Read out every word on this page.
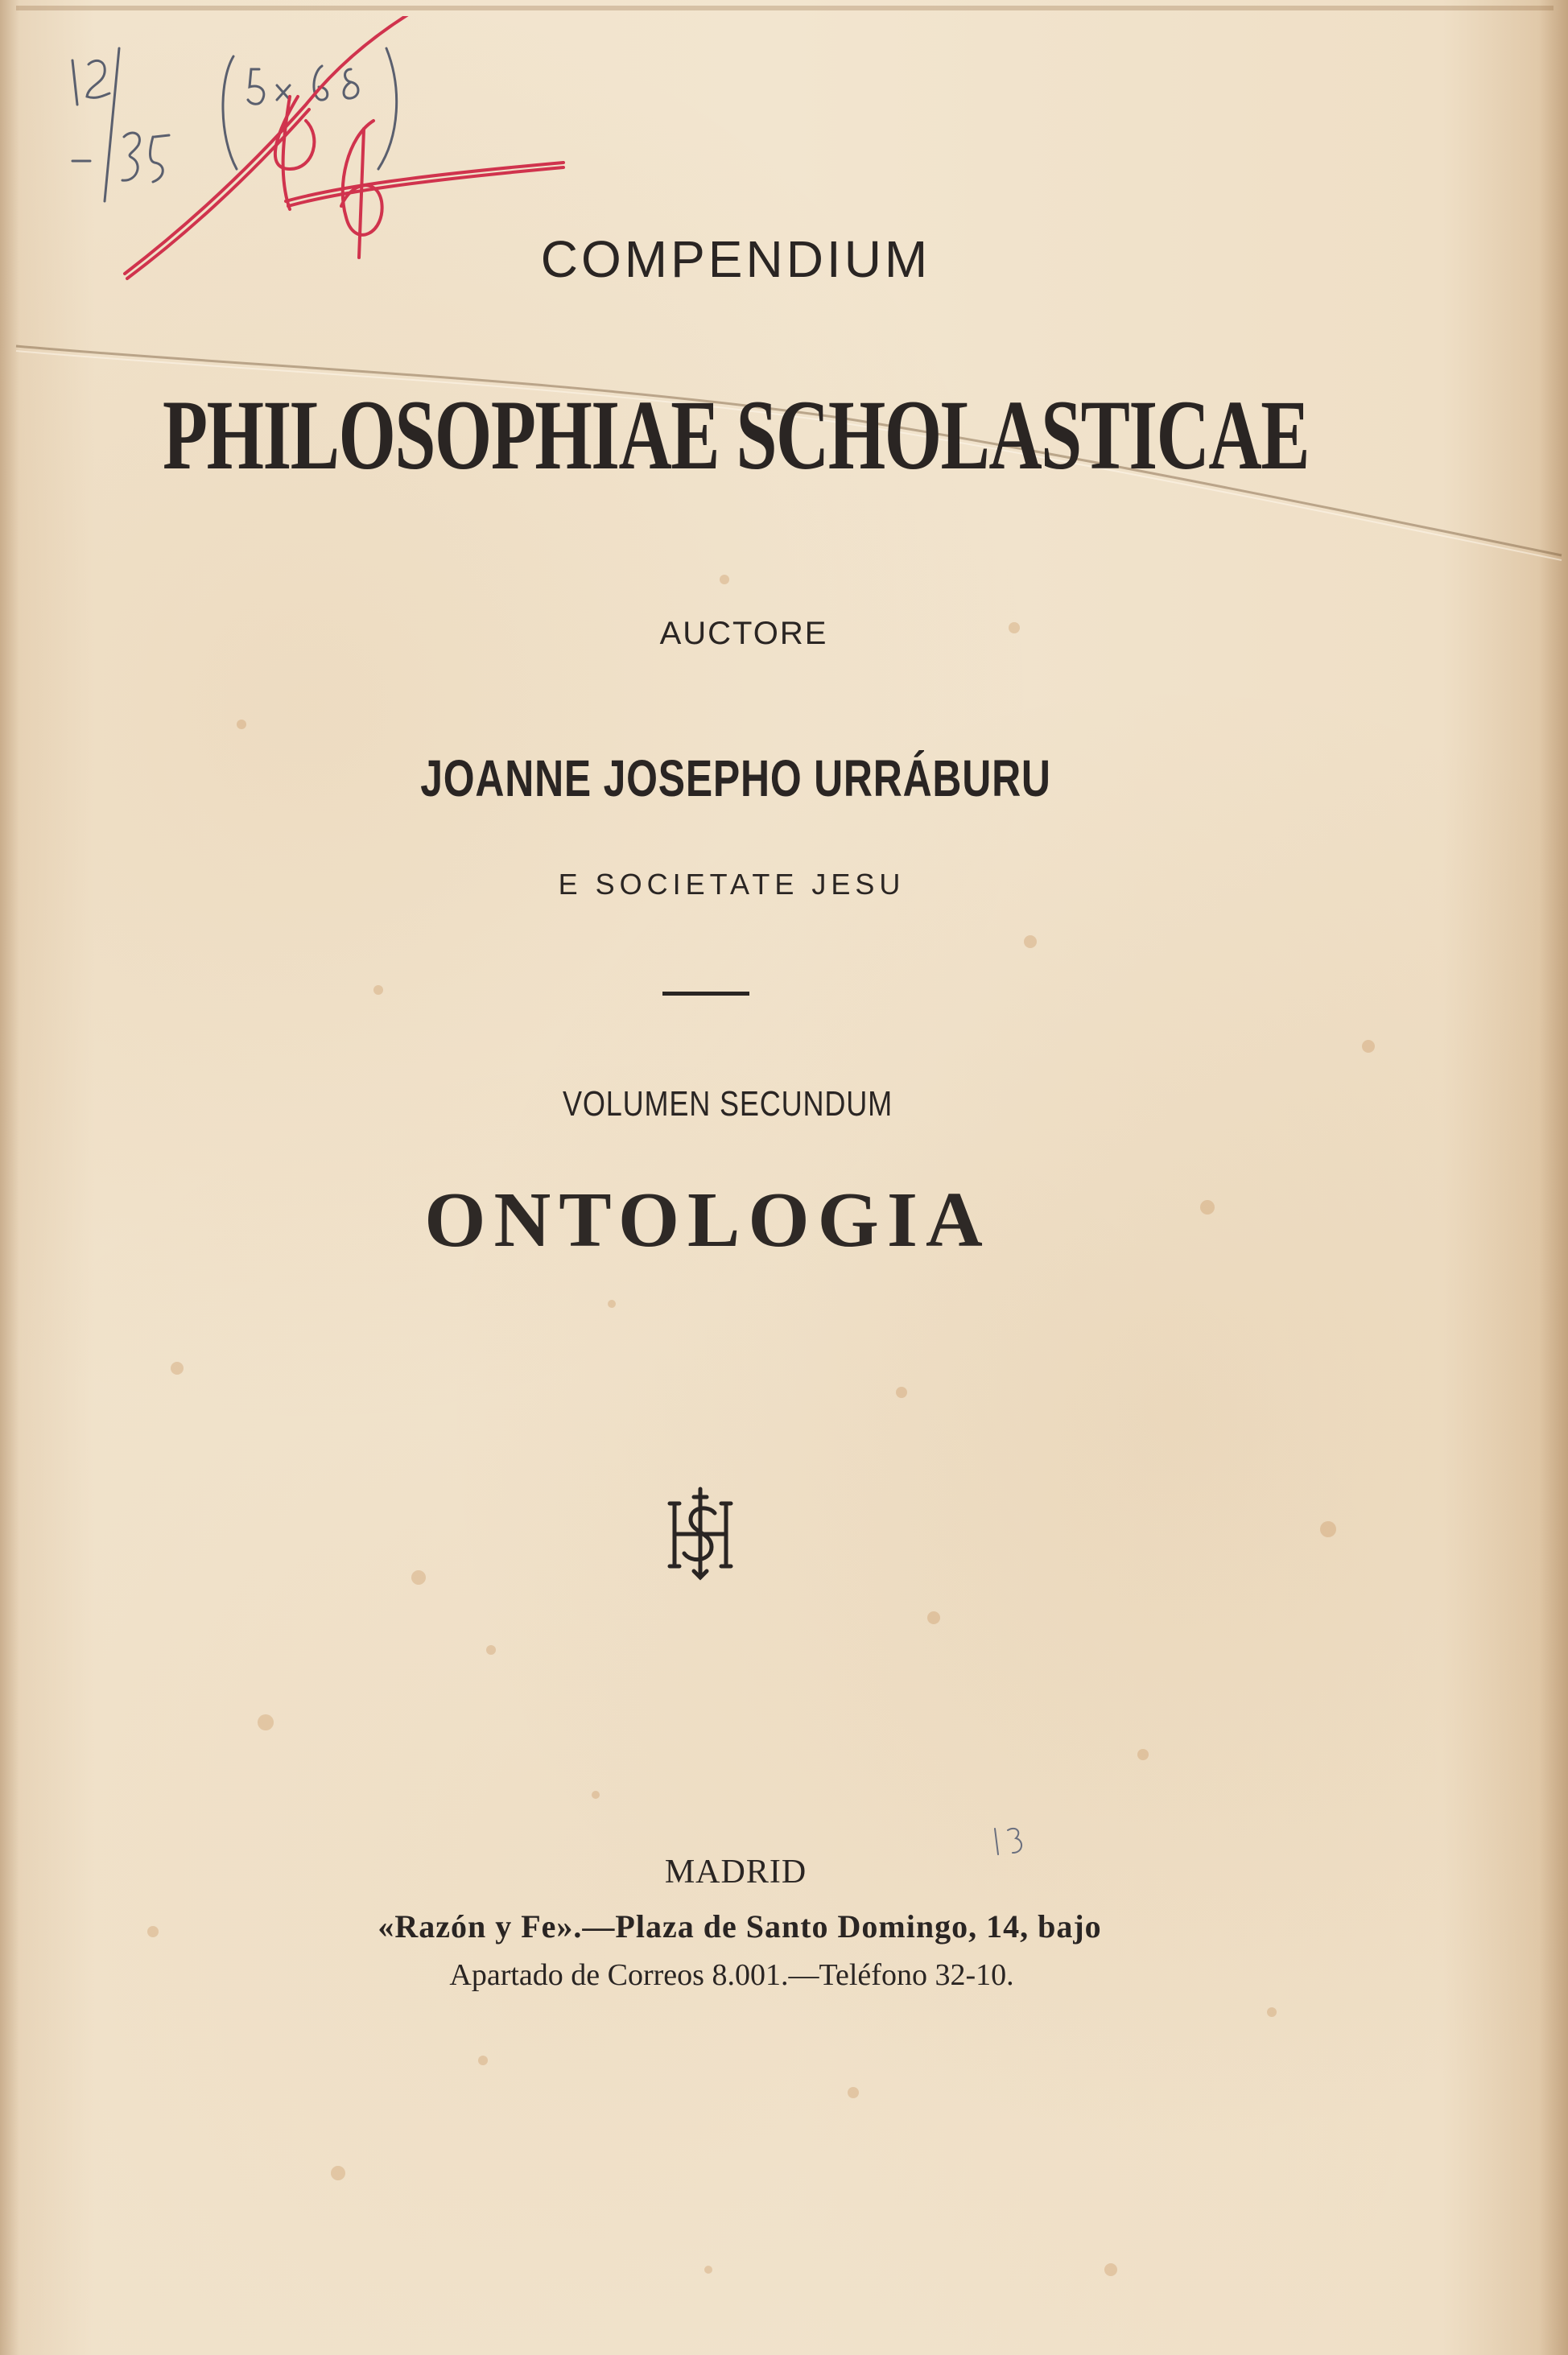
COMPENDIUM
PHILOSOPHIAE SCHOLASTICAE
AUCTORE
JOANNE JOSEPHO URRÁBURU
E SOCIETATE JESU
VOLUMEN SECUNDUM
ONTOLOGIA
MADRID
«Razón y Fe».—Plaza de Santo Domingo, 14, bajo
Apartado de Correos 8.001.—Teléfono 32-10.
